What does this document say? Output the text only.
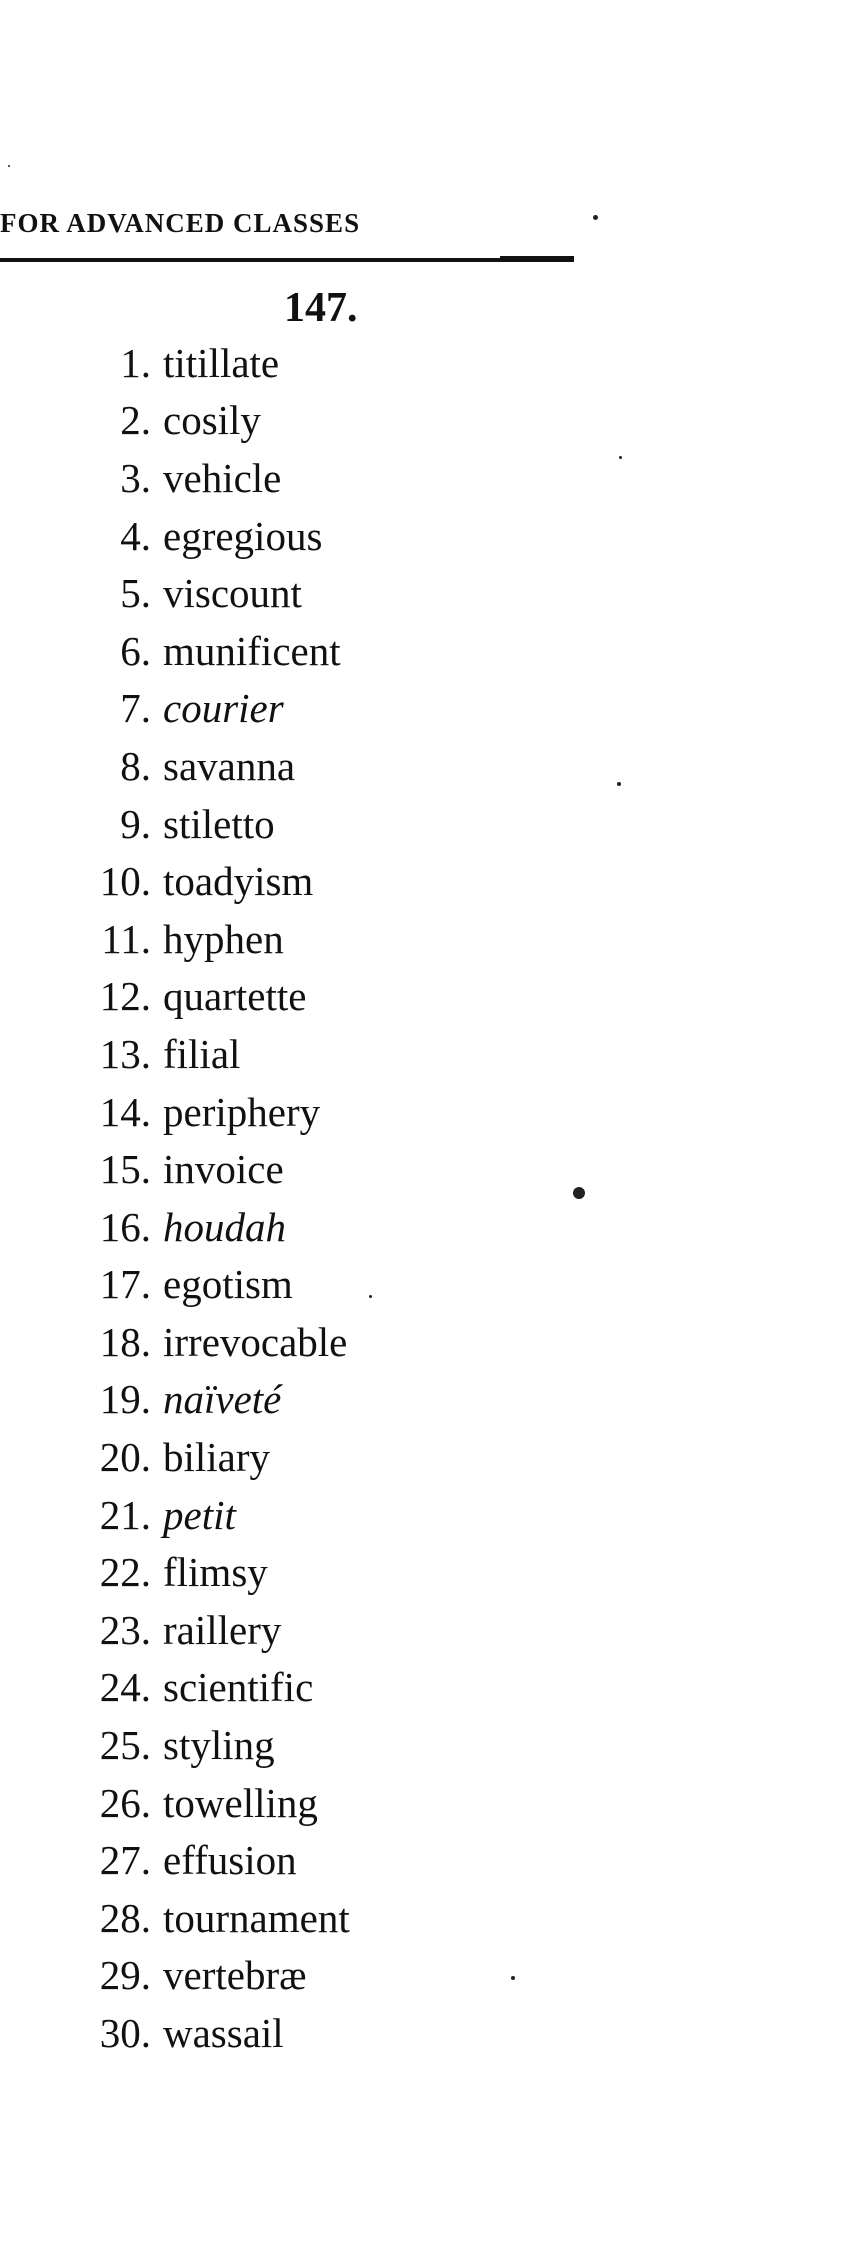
FOR ADVANCED CLASSES
147.
1. titillate
2. cosily
3. vehicle
4. egregious
5. viscount
6. munificent
7. courier
8. savanna
9. stiletto
10. toadyism
11. hyphen
12. quartette
13. filial
14. periphery
15. invoice
16. houdah
17. egotism
18. irrevocable
19. naïveté
20. biliary
21. petit
22. flimsy
23. raillery
24. scientific
25. styling
26. towelling
27. effusion
28. tournament
29. vertebræ
30. wassail
